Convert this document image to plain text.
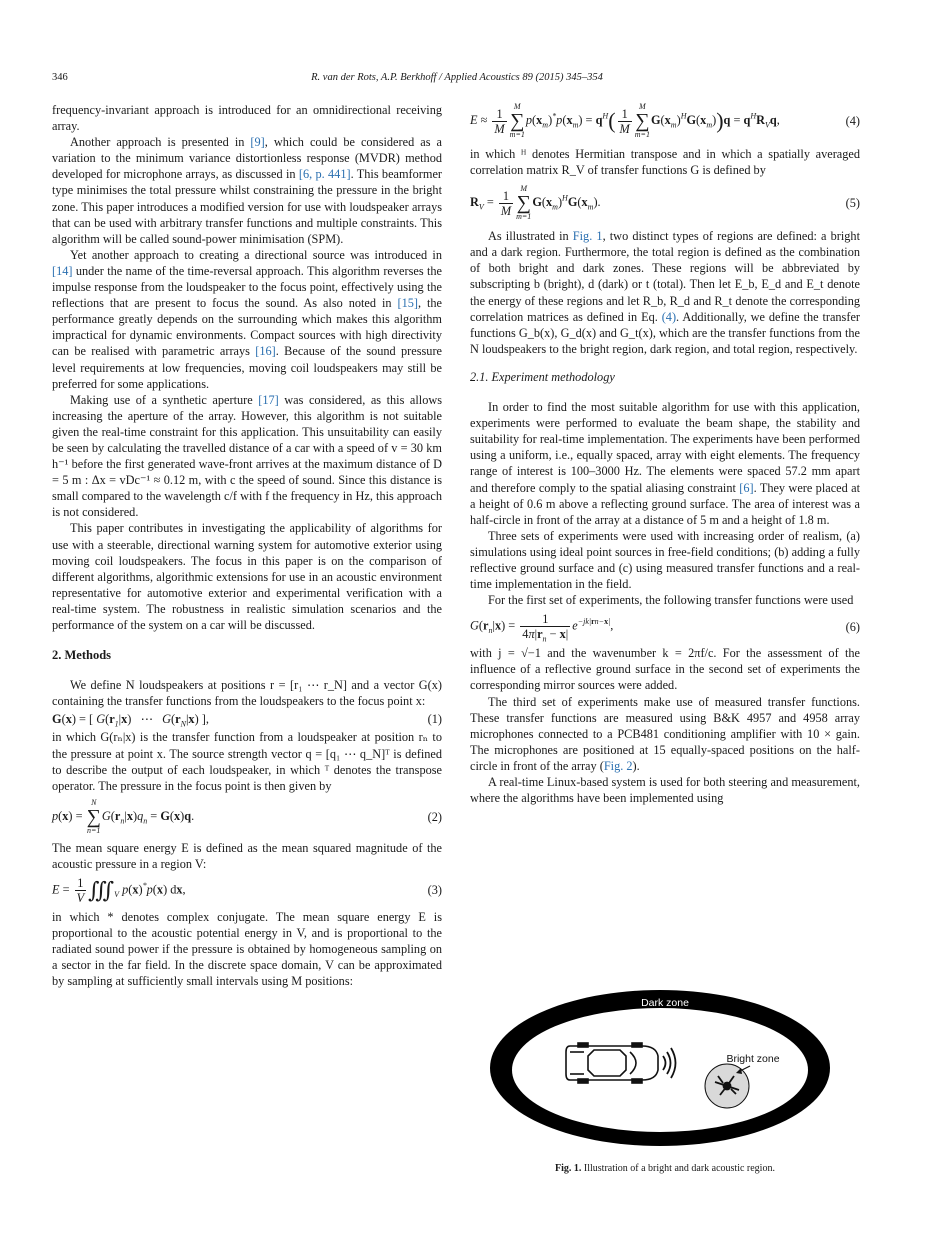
346	R. van der Rots, A.P. Berkhoff / Applied Acoustics 89 (2015) 345–354

frequency-invariant approach is introduced for an omnidirectional receiving array.

Another approach is presented in [9], which could be considered as a variation to the minimum variance distortionless response (MVDR) method developed for microphone arrays, as discussed in [6, p. 441]. This beamformer type minimises the total pressure whilst constraining the pressure in the bright zone. This paper introduces a modified version for use with loudspeaker arrays that can be used with arbitrary transfer functions and multiple constraints. This algorithm will be called sound-power minimisation (SPM).

Yet another approach to creating a directional source was introduced in [14] under the name of the time-reversal approach. This algorithm reverses the impulse response from the loudspeaker to the focus point, effectively using the reflections that are present to focus the sound. As also noted in [15], the performance greatly depends on the surrounding which makes this algorithm impractical for dynamic environments. Compact sources with high directivity can be realised with parametric arrays [16]. Because of the sound pressure level requirements at low frequencies, moving coil loudspeakers may still be preferred for some applications.

Making use of a synthetic aperture [17] was considered, as this allows increasing the aperture of the array. However, this algorithm is not suitable given the real-time constraint for this application. This unsuitability can easily be seen by calculating the travelled distance of a car with a speed of v = 30 km h⁻¹ before the first generated wave-front arrives at the maximum distance of D = 5 m : Δx = vDc⁻¹ ≈ 0.12 m, with c the speed of sound. Since this distance is small compared to the wavelength c/f with f the frequency in Hz, this approach is not considered.

This paper contributes in investigating the applicability of algorithms for use with a steerable, directional warning system for automotive exterior using moving coil loudspeakers. The focus in this paper is on the comparison of different algorithms, algorithmic extensions for use in an acoustic environment representative for automotive exterior and experimental verification with a real-time system. The robustness in realistic simulation scenarios and the performance of the system on a car will be discussed.

2. Methods

We define N loudspeakers at positions r = [r₁ ⋯ r_N] and a vector G(x) containing the transfer functions from the loudspeakers to the focus point x:

G(x) = [ $G(r_1|x)$   ⋯   $G(r_N|x)$ ],	(1)

in which G(rₙ|x) is the transfer function from a loudspeaker at position rₙ to the pressure at point x. The source strength vector q = [q₁ ⋯ q_N]ᵀ is defined to describe the output of each loudspeaker, in which ᵀ denotes the transpose operator. The pressure in the focus point is then given by

p(x) =
N
∑
n=1
$G(r_n|x)q_n = G(x)q$.	(2)

The mean square energy E is defined as the mean squared magnitude of the acoustic pressure in a region V:

$E = \frac{1}{V}$ $∭_V$ p(x)*p(x) dx,	(3)

in which * denotes complex conjugate. The mean square energy E is proportional to the acoustic potential energy in V, and is proportional to the radiated sound power if the pressure is obtained by homogeneous sampling on a sector in the far field. In the discrete space domain, V can be approximated by sampling at sufficiently small intervals using M positions:

$E \approx \frac{1}{M}$ M
∑
m=1
$p(x_m)^*p(x_m) = q^H( \frac{1}{M}$ M
∑
m=1
$G(x_m)^HG(x_m))q = q^HR_Vq$,	(4)

in which ᴴ denotes Hermitian transpose and in which a spatially averaged correlation matrix R_V of transfer functions G is defined by

$R_V = \frac{1}{M}$ M
∑
m=1
$G(x_m)^HG(x_m)$.	(5)

As illustrated in Fig. 1, two distinct types of regions are defined: a bright and a dark region. Furthermore, the total region is defined as the combination of both bright and dark zones. These regions will be abbreviated by subscripting b (bright), d (dark) or t (total). Then let E_b, E_d and E_t denote the energy of these regions and let R_b, R_d and R_t denote the corresponding correlation matrices as defined in Eq. (4). Additionally, we define the transfer functions G_b(x), G_d(x) and G_t(x), which are the transfer functions from the N loudspeakers to the bright region, dark region, and total region, respectively.

2.1. Experiment methodology

In order to find the most suitable algorithm for use with this application, experiments were performed to evaluate the beam shape, the stability and suitability for real-time implementation. The experiments have been performed using a uniform, i.e., equally spaced, array with eight elements. The frequency range of interest is 100–3000 Hz. The elements were spaced 57.2 mm apart and therefore comply to the spatial aliasing constraint [6]. They were placed at a height of 0.6 m above a reflecting ground surface. The area of interest was a half-circle in front of the array at a distance of 5 m and a height of 1.8 m.

Three sets of experiments were used with increasing order of realism, (a) simulations using ideal point sources in free-field conditions; (b) adding a fully reflective ground surface and (c) using measured transfer functions and a real-time implementation in the field.

For the first set of experiments, the following transfer functions were used

$G(r_n|x) = \frac{1}{4\pi|r_n - x|} e^{-jk|rn-x|}$,	(6)

with j = √−1 and the wavenumber k = 2πf/c. For the assessment of the influence of a reflective ground surface in the second set of experiments the corresponding mirror sources were added.

The third set of experiments make use of measured transfer functions. These transfer functions are measured using B&K 4957 and 4958 array microphones connected to a PCB481 conditioning amplifier with 10 × gain. The microphones are positioned at 15 equally-spaced positions on the half-circle in front of the array (Fig. 2).

A real-time Linux-based system is used for both steering and measurement, where the algorithms have been implemented using

Dark zone
Bright zone
Fig. 1. Illustration of a bright and dark acoustic region.
